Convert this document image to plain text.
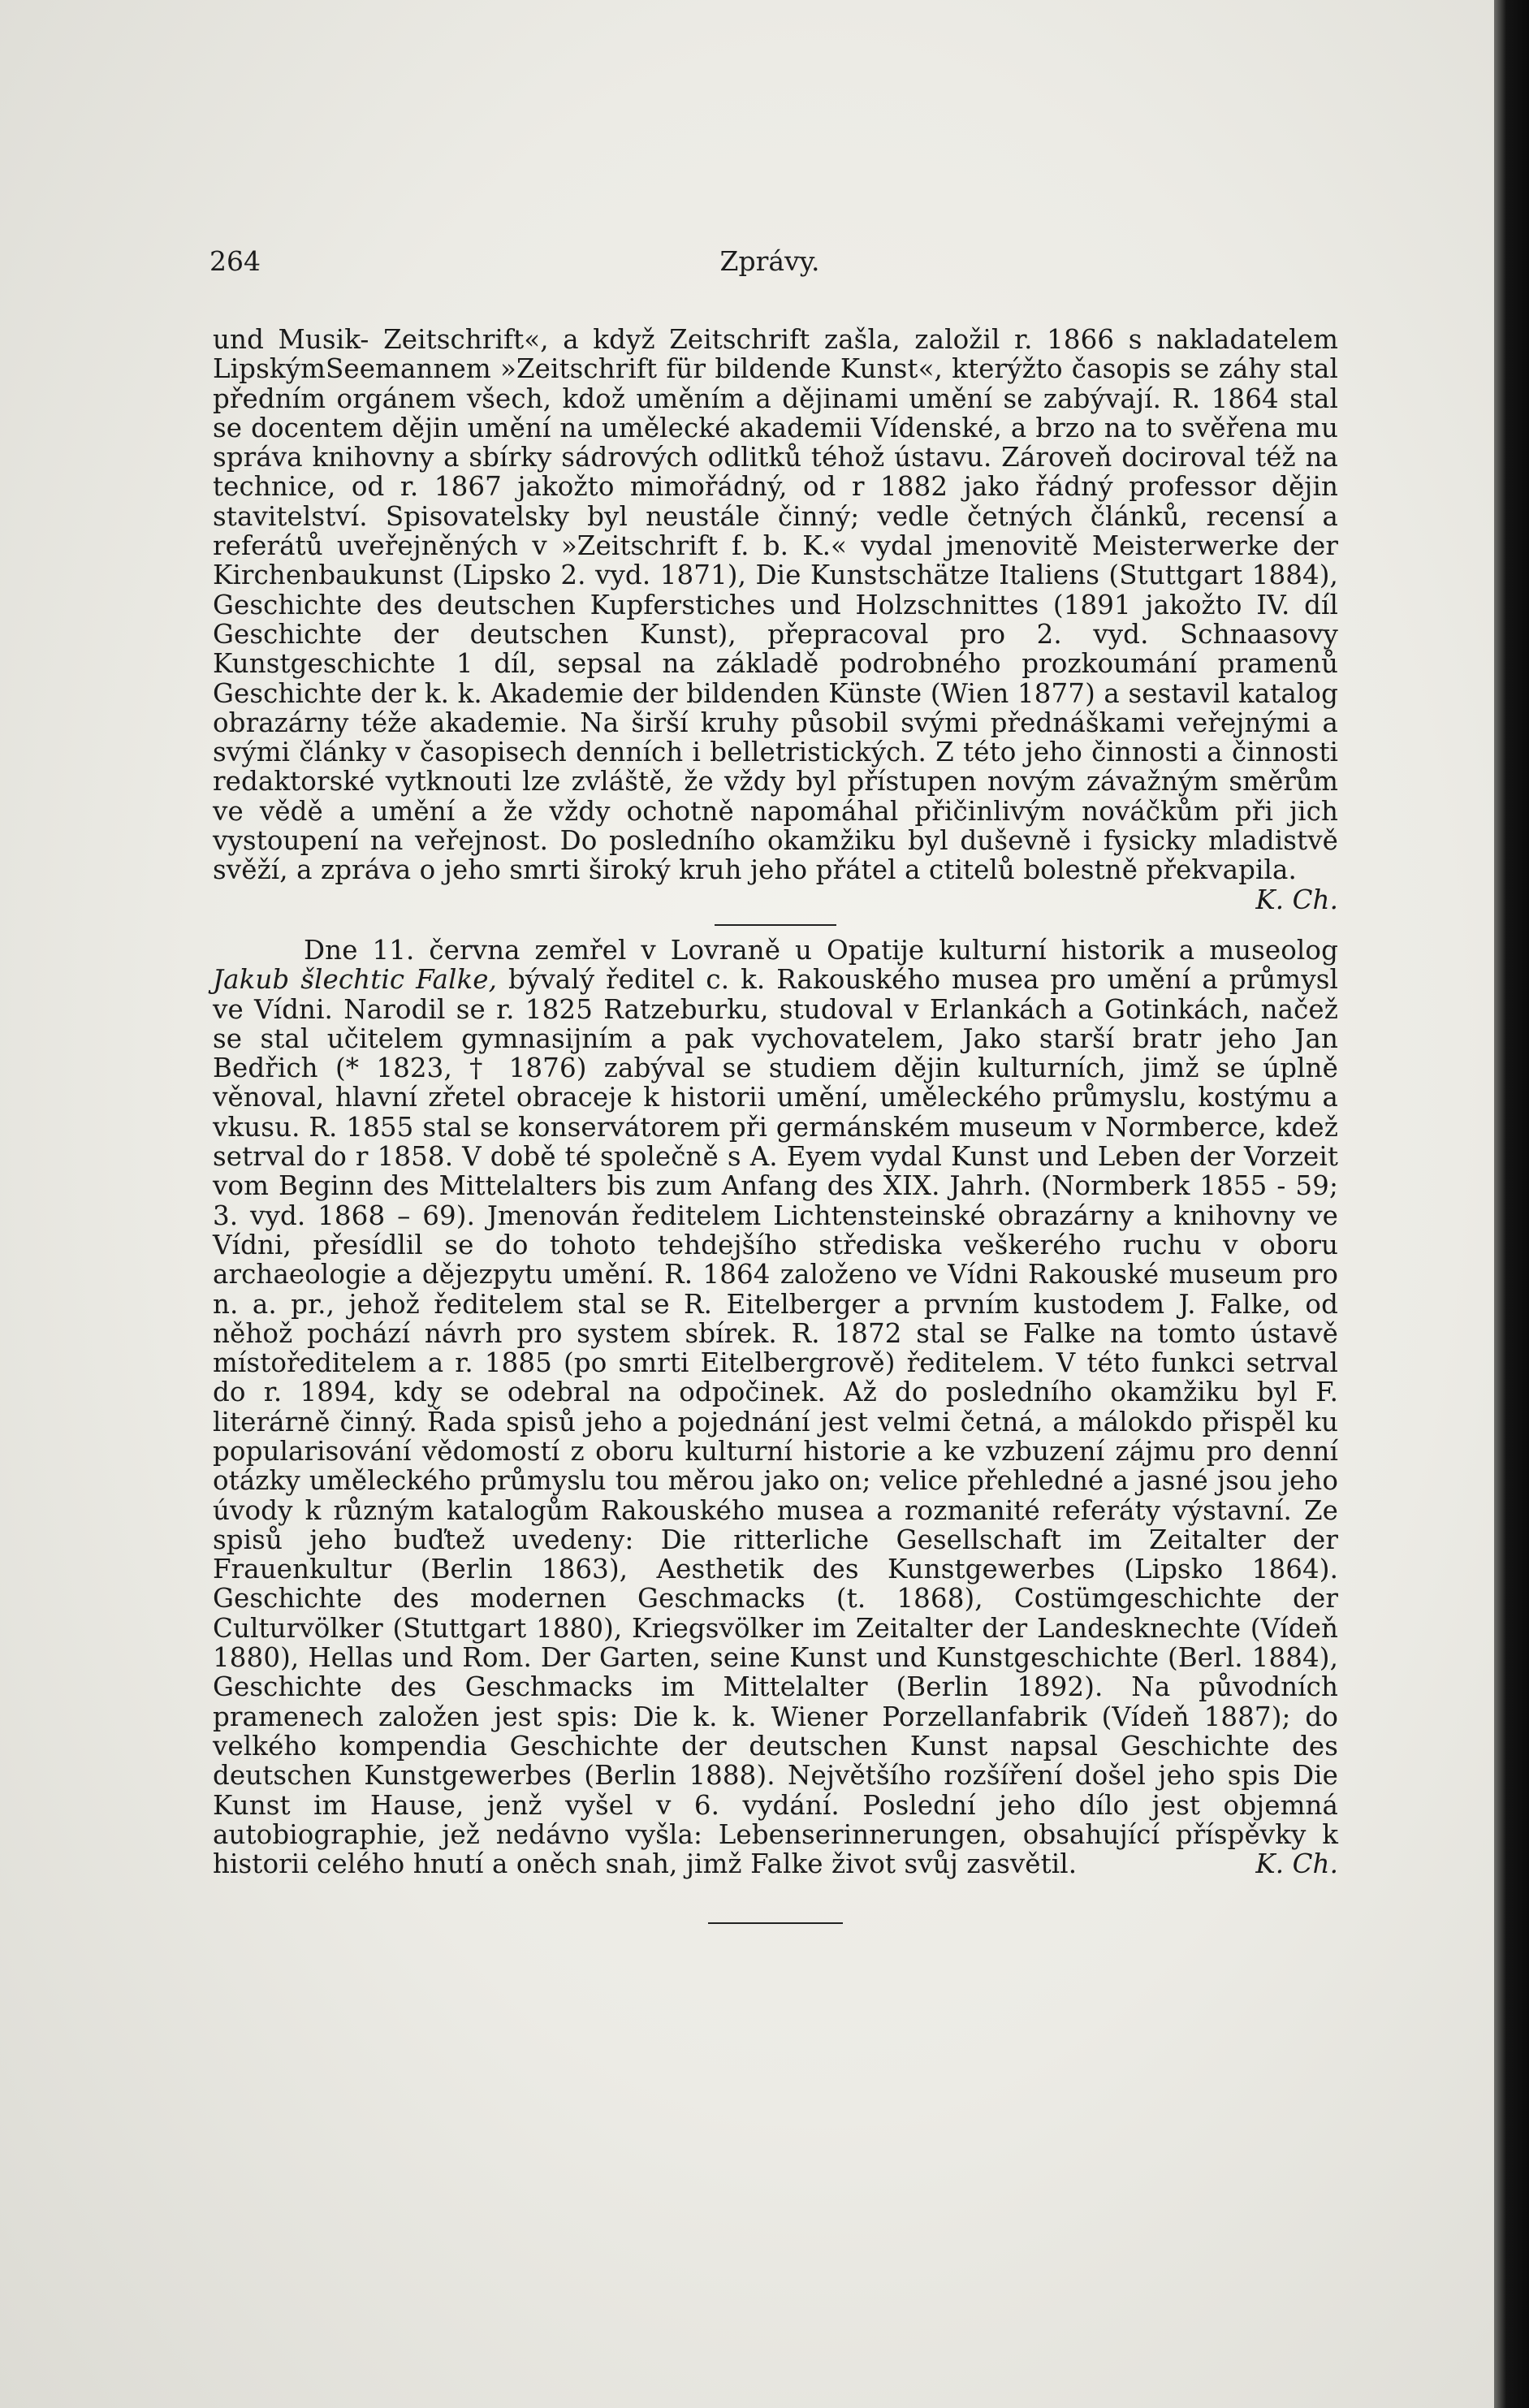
264	Zprávy.

und Musik- Zeitschrift«, a když Zeitschrift zašla, založil r. 1866 s nakladatelem LipskýmSeemannem »Zeitschrift für bildende Kunst«, kterýžto časopis se záhy stal předním orgánem všech, kdož uměním a dějinami umění se zabývají. R. 1864 stal se docentem dějin umění na umělecké akademii Vídenské, a brzo na to svěřena mu správa knihovny a sbírky sádrových odlitků téhož ústavu. Zároveň dociroval též na technice, od r. 1867 jakožto mimořádný, od r 1882 jako řádný professor dějin stavitelství. Spisovatelsky byl neustále činný; vedle četných článků, recensí a referátů uveřejněných v »Zeitschrift f. b. K.« vydal jmenovitě Meisterwerke der Kirchenbaukunst (Lipsko 2. vyd. 1871), Die Kunstschätze Italiens (Stuttgart 1884), Geschichte des deutschen Kupferstiches und Holzschnittes (1891 jakožto IV. díl Geschichte der deutschen Kunst), přepracoval pro 2. vyd. Schnaasovy Kunstgeschichte 1 díl, sepsal na základě podrobného prozkoumání pramenů Geschichte der k. k. Akademie der bildenden Künste (Wien 1877) a sestavil katalog obrazárny téže akademie. Na širší kruhy působil svými přednáškami veřejnými a svými články v časopisech denních i belletristických. Z této jeho činnosti a činnosti redaktorské vytknouti lze zvláště, že vždy byl přístupen novým závažným směrům ve vědě a umění a že vždy ochotně napomáhal přičinlivým nováčkům při jich vystoupení na veřejnost. Do posledního okamžiku byl duševně i fysicky mladistvě svěží, a zpráva o jeho smrti široký kruh jeho přátel a ctitelů bolestně překvapila.
K. Ch.

Dne 11. června zemřel v Lovraně u Opatije kulturní historik a museolog Jakub šlechtic Falke, bývalý ředitel c. k. Rakouského musea pro umění a průmysl ve Vídni. Narodil se r. 1825 Ratzeburku, studoval v Erlankách a Gotinkách, načež se stal učitelem gymnasijním a pak vychovatelem, Jako starší bratr jeho Jan Bedřich (* 1823, † 1876) zabýval se studiem dějin kulturních, jimž se úplně věnoval, hlavní zřetel obraceje k historii umění, uměleckého průmyslu, kostýmu a vkusu. R. 1855 stal se konservátorem při germánském museum v Normberce, kdež setrval do r 1858. V době té společně s A. Eyem vydal Kunst und Leben der Vorzeit vom Beginn des Mittelalters bis zum Anfang des XIX. Jahrh. (Normberk 1855 - 59; 3. vyd. 1868 – 69). Jmenován ředitelem Lichtensteinské obrazárny a knihovny ve Vídni, přesídlil se do tohoto tehdejšího střediska veškerého ruchu v oboru archaeologie a dějezpytu umění. R. 1864 založeno ve Vídni Rakouské museum pro n. a. pr., jehož ředitelem stal se R. Eitelberger a prvním kustodem J. Falke, od něhož pochází návrh pro system sbírek. R. 1872 stal se Falke na tomto ústavě místoředitelem a r. 1885 (po smrti Eitelbergrově) ředitelem. V této funkci setrval do r. 1894, kdy se odebral na odpočinek. Až do posledního okamžiku byl F. literárně činný. Řada spisů jeho a pojednání jest velmi četná, a málokdo přispěl ku popularisování vědomostí z oboru kulturní historie a ke vzbuzení zájmu pro denní otázky uměleckého průmyslu tou měrou jako on; velice přehledné a jasné jsou jeho úvody k různým katalogům Rakouského musea a rozmanité referáty výstavní. Ze spisů jeho buďtež uvedeny: Die ritterliche Gesellschaft im Zeitalter der Frauenkultur (Berlin 1863), Aesthetik des Kunstgewerbes (Lipsko 1864). Geschichte des modernen Geschmacks (t. 1868), Costümgeschichte der Culturvölker (Stuttgart 1880), Kriegsvölker im Zeitalter der Landesknechte (Vídeň 1880), Hellas und Rom. Der Garten, seine Kunst und Kunstgeschichte (Berl. 1884), Geschichte des Geschmacks im Mittelalter (Berlin 1892). Na původních pramenech založen jest spis: Die k. k. Wiener Porzellanfabrik (Vídeň 1887); do velkého kompendia Geschichte der deutschen Kunst napsal Geschichte des deutschen Kunstgewerbes (Berlin 1888). Největšího rozšíření došel jeho spis Die Kunst im Hause, jenž vyšel v 6. vydání. Poslední jeho dílo jest objemná autobiographie, jež nedávno vyšla: Lebenserinnerungen, obsahující příspěvky k historii celého hnutí a oněch snah, jimž Falke život svůj zasvětil.	K. Ch.
